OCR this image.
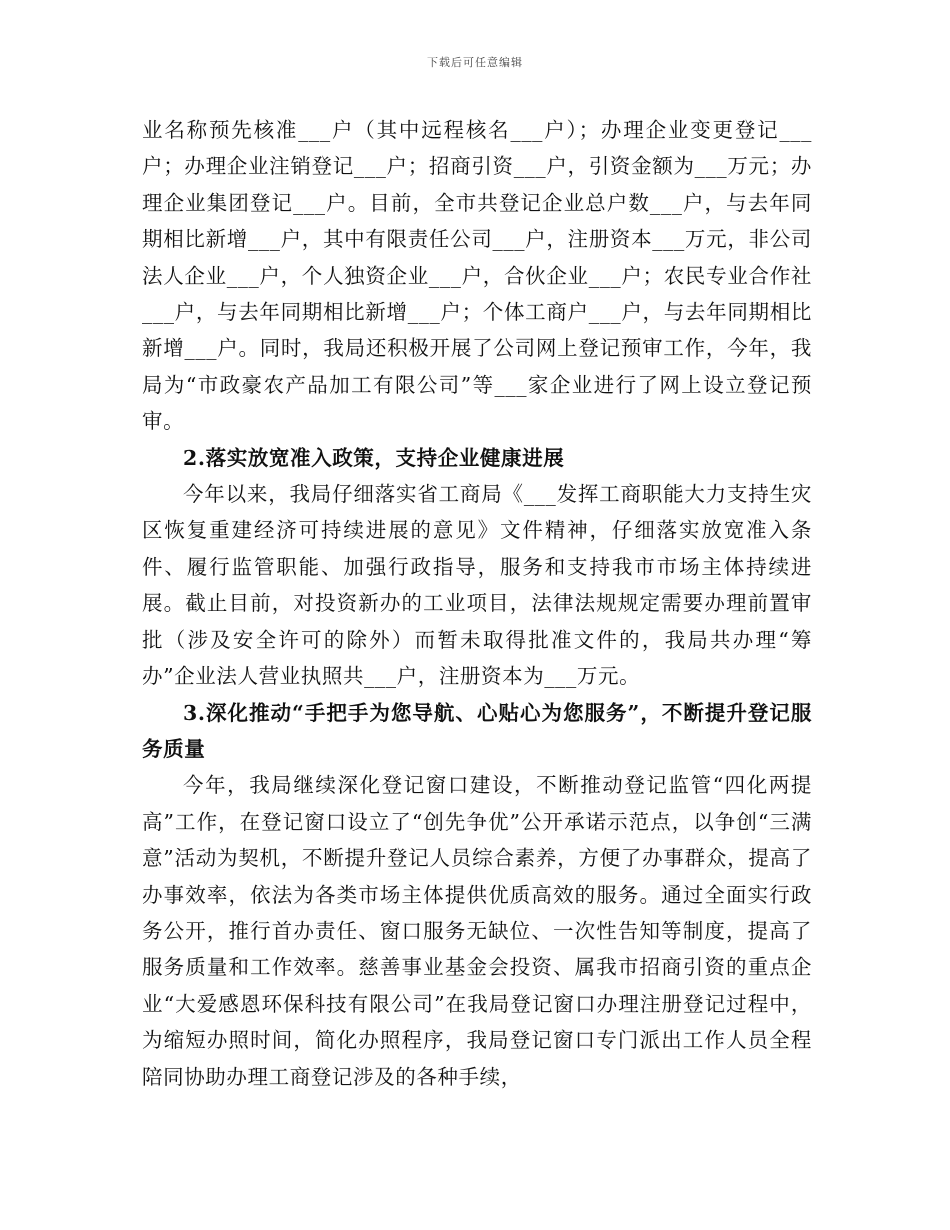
下载后可任意编辑

业名称预先核准___户（其中远程核名___户）；办理企业变更登记___户；办理企业注销登记___户；招商引资___户，引资金额为___万元；办理企业集团登记___户。目前，全市共登记企业总户数___户，与去年同期相比新增___户，其中有限责任公司___户，注册资本___万元，非公司法人企业___户，个人独资企业___户，合伙企业___户；农民专业合作社___户，与去年同期相比新增___户；个体工商户___户，与去年同期相比新增___户。同时，我局还积极开展了公司网上登记预审工作，今年，我局为“市政豪农产品加工有限公司”等___家企业进行了网上设立登记预审。

2.落实放宽准入政策，支持企业健康进展

今年以来，我局仔细落实省工商局《___发挥工商职能大力支持生灾区恢复重建经济可持续进展的意见》文件精神，仔细落实放宽准入条件、履行监管职能、加强行政指导，服务和支持我市市场主体持续进展。截止目前，对投资新办的工业项目，法律法规规定需要办理前置审批（涉及安全许可的除外）而暂未取得批准文件的，我局共办理“筹办”企业法人营业执照共___户，注册资本为___万元。

3.深化推动“手把手为您导航、心贴心为您服务”，不断提升登记服务质量

今年，我局继续深化登记窗口建设，不断推动登记监管“四化两提高”工作，在登记窗口设立了“创先争优”公开承诺示范点，以争创“三满意”活动为契机，不断提升登记人员综合素养，方便了办事群众，提高了办事效率，依法为各类市场主体提供优质高效的服务。通过全面实行政务公开，推行首办责任、窗口服务无缺位、一次性告知等制度，提高了服务质量和工作效率。慈善事业基金会投资、属我市招商引资的重点企业“大爱感恩环保科技有限公司”在我局登记窗口办理注册登记过程中，为缩短办照时间，简化办照程序，我局登记窗口专门派出工作人员全程陪同协助办理工商登记涉及的各种手续，
